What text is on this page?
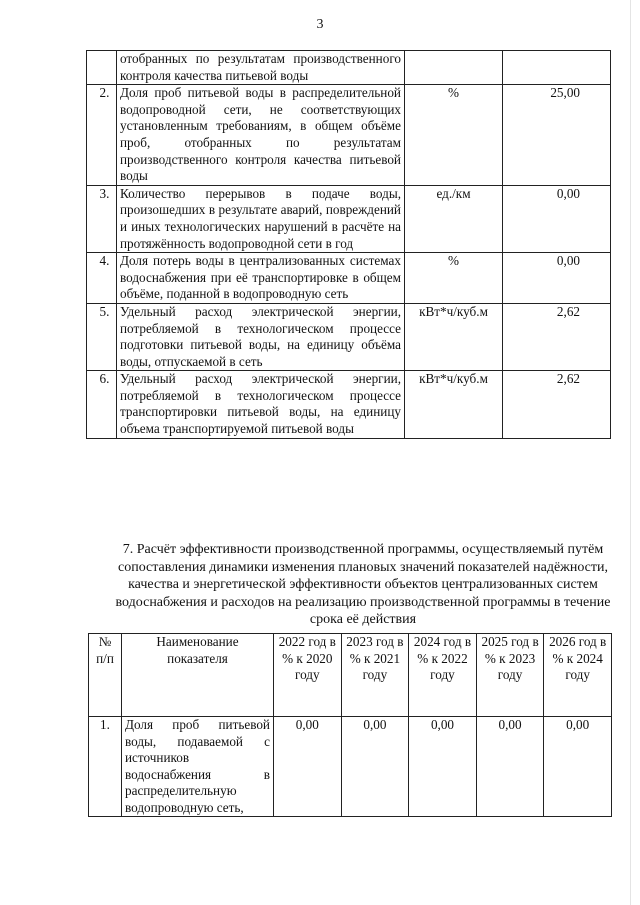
3
	отобранных по результатам производственного контроля качества питьевой воды		
2.	Доля проб питьевой воды в распределительной водопроводной сети, не соответствующих установленным требованиям, в общем объёме проб, отобранных по результатам производственного контроля качества питьевой воды	%	25,00
3.	Количество перерывов в подаче воды, произошедших в результате аварий, повреждений и иных технологических нарушений в расчёте на протяжённость водопроводной сети в год	ед./км	0,00
4.	Доля потерь воды в централизованных системах водоснабжения при её транспортировке в общем объёме, поданной в водопроводную сеть	%	0,00
5.	Удельный расход электрической энергии, потребляемой в технологическом процессе подготовки питьевой воды, на единицу объёма воды, отпускаемой в сеть	кВт*ч/куб.м	2,62
6.	Удельный расход электрической энергии, потребляемой в технологическом процессе транспортировки питьевой воды, на единицу объема транспортируемой питьевой воды	кВт*ч/куб.м	2,62
7. Расчёт эффективности производственной программы, осуществляемый путём сопоставления динамики изменения плановых значений показателей надёжности, качества и энергетической эффективности объектов централизованных систем водоснабжения и расходов на реализацию производственной программы в течение срока её действия
№ п/п	Наименование показателя	2022 год в % к 2020 году	2023 год в % к 2021 году	2024 год в % к 2022 году	2025 год в % к 2023 году	2026 год в % к 2024 году
1.	Доля проб питьевой воды, подаваемой с источников водоснабжения в распределительную водопроводную сеть,	0,00	0,00	0,00	0,00	0,00
